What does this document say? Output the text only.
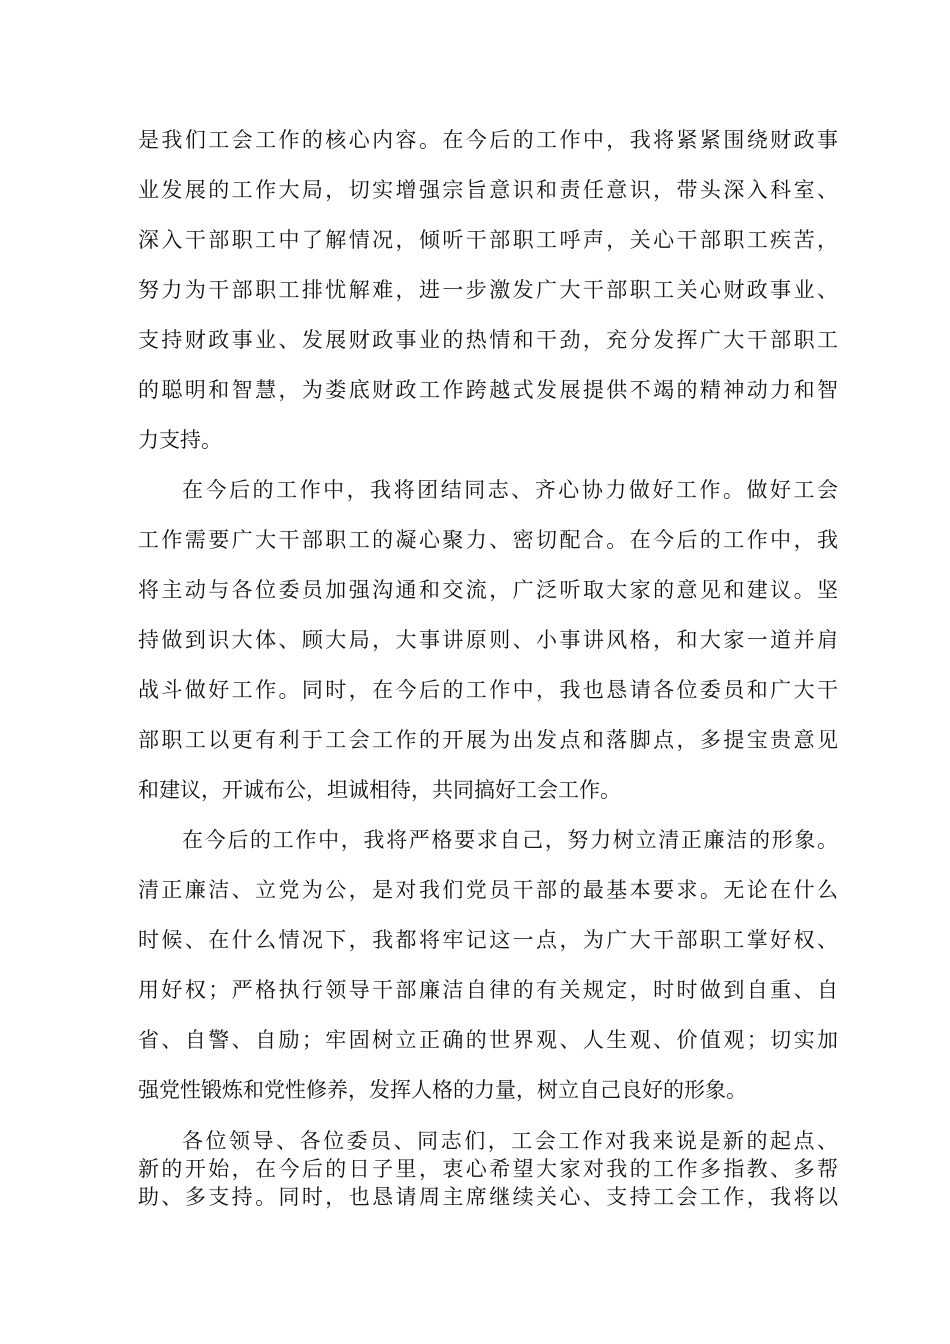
是我们工会工作的核心内容。在今后的工作中，我将紧紧围绕财政事
业发展的工作大局，切实增强宗旨意识和责任意识，带头深入科室、
深入干部职工中了解情况，倾听干部职工呼声，关心干部职工疾苦，
努力为干部职工排忧解难，进一步激发广大干部职工关心财政事业、
支持财政事业、发展财政事业的热情和干劲，充分发挥广大干部职工
的聪明和智慧，为娄底财政工作跨越式发展提供不竭的精神动力和智
力支持。
在今后的工作中，我将团结同志、齐心协力做好工作。做好工会
工作需要广大干部职工的凝心聚力、密切配合。在今后的工作中，我
将主动与各位委员加强沟通和交流，广泛听取大家的意见和建议。坚
持做到识大体、顾大局，大事讲原则、小事讲风格，和大家一道并肩
战斗做好工作。同时，在今后的工作中，我也恳请各位委员和广大干
部职工以更有利于工会工作的开展为出发点和落脚点，多提宝贵意见
和建议，开诚布公，坦诚相待，共同搞好工会工作。
在今后的工作中，我将严格要求自己，努力树立清正廉洁的形象。
清正廉洁、立党为公，是对我们党员干部的最基本要求。无论在什么
时候、在什么情况下，我都将牢记这一点，为广大干部职工掌好权、
用好权；严格执行领导干部廉洁自律的有关规定，时时做到自重、自
省、自警、自励；牢固树立正确的世界观、人生观、价值观；切实加
强党性锻炼和党性修养，发挥人格的力量，树立自己良好的形象。
各位领导、各位委员、同志们，工会工作对我来说是新的起点、
新的开始，在今后的日子里，衷心希望大家对我的工作多指教、多帮
助、多支持。同时，也恳请周主席继续关心、支持工会工作，我将以
